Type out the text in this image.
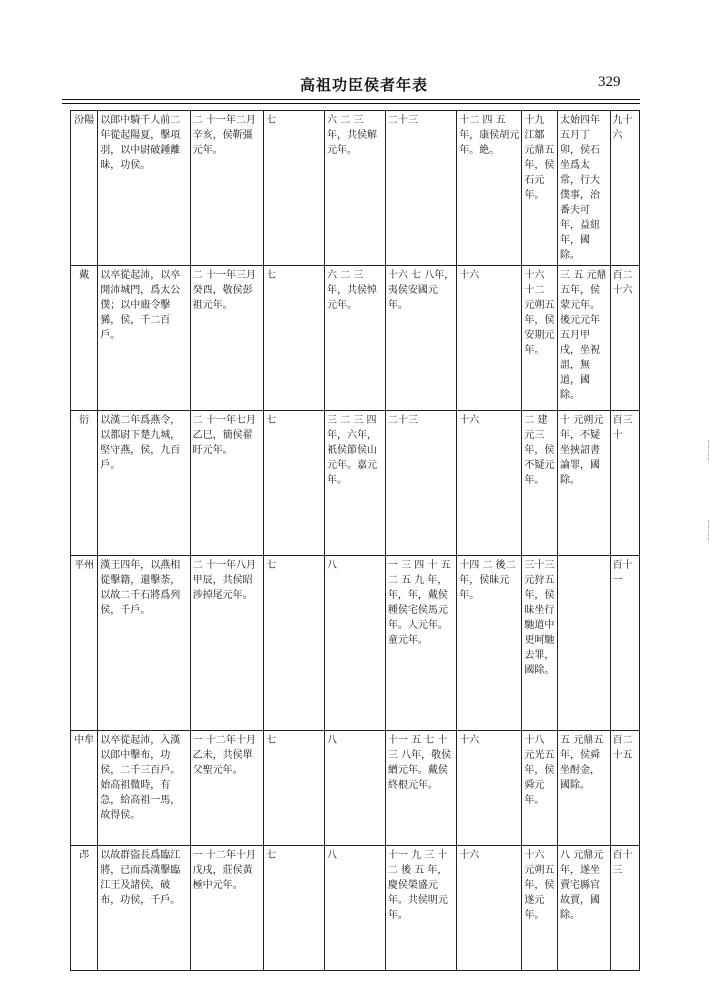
高祖功臣侯者年表	329
汾陽	以郎中騎千人前二年從起陽夏，擊項羽，以中尉破鍾離昧，功侯。	二 十一年二月辛亥，侯靳彊元年。	七	六 二 三年，共侯解元年。	二十三	十二 四 五年，康侯胡元年。絶。	十九 江鄒 元鼎五年，侯石元年。	太始四年五月丁卯，侯石坐爲太常，行大僕事，治番夫可年，益紐年，國除。	九十六
戴	以卒從起沛，以卒開沛城門，爲太公僕；以中廄令擊豨，侯，千二百戶。	二 十一年三月癸酉，敬侯彭祖元年。	七	六 二 三年，共侯悼元年。	十六 七 八年，夷侯安國元年。	十六	十六 十二 元朔五年，侯安期元年。	三 五 元鼎五年，侯蒙元年。後元元年五月甲戌，坐祝詛，無道，國除。	百二十六
衍	以漢二年爲燕令，以都尉下楚九城，堅守燕，侯，九百戶。	二 十一年七月乙巳，簡侯翟盱元年。	七	三 二 三 四年，六年，祇侯節侯山元年。嘉元年。	二十三	十六	二 建元三年，侯不疑元年。	十 元朔元年，不疑坐挾詔書論罪，國除。	百三十
平州	漢王四年，以燕相從擊籍，還擊荼，以故二千石將爲列侯，千戶。	二 十一年八月甲辰，共侯昭涉掉尾元年。	七	八	一 三 四 十 五 二 五 九 年，年，年，戴侯種侯宅侯馬元年。人元年。童元年。	十四 二 後二年，侯昧元年。	三十三 元狩五年，侯昧坐行馳道中更呵馳去罪，國除。		百十一
中牟	以卒從起沛，入漢以郎中擊布，功侯，二千三百戶。始高祖微時，有急，給高祖一馬，故得侯。	一 十二年十月乙未，共侯單父聖元年。	七	八	十一 五 七 十三 八年，敬侯繒元年。戴侯終根元年。	十六	十八 元光五年，侯舜元年。	五 元鼎五年，侯舜坐酎金，國除。	百二十五
邔	以故群盜長爲臨江將，已而爲漢擊臨江王及諸侯，破布，功侯，千戶。	一 十二年十月戊戌，莊侯黃極中元年。	七	八	十一 九 三 十二 後 五 年，慶侯榮盛元年。共侯明元年。	十六	十六 元朔五年，侯遂元年。	八 元鼎元年，遂坐賣宅縣官故賈，國除。	百十三
